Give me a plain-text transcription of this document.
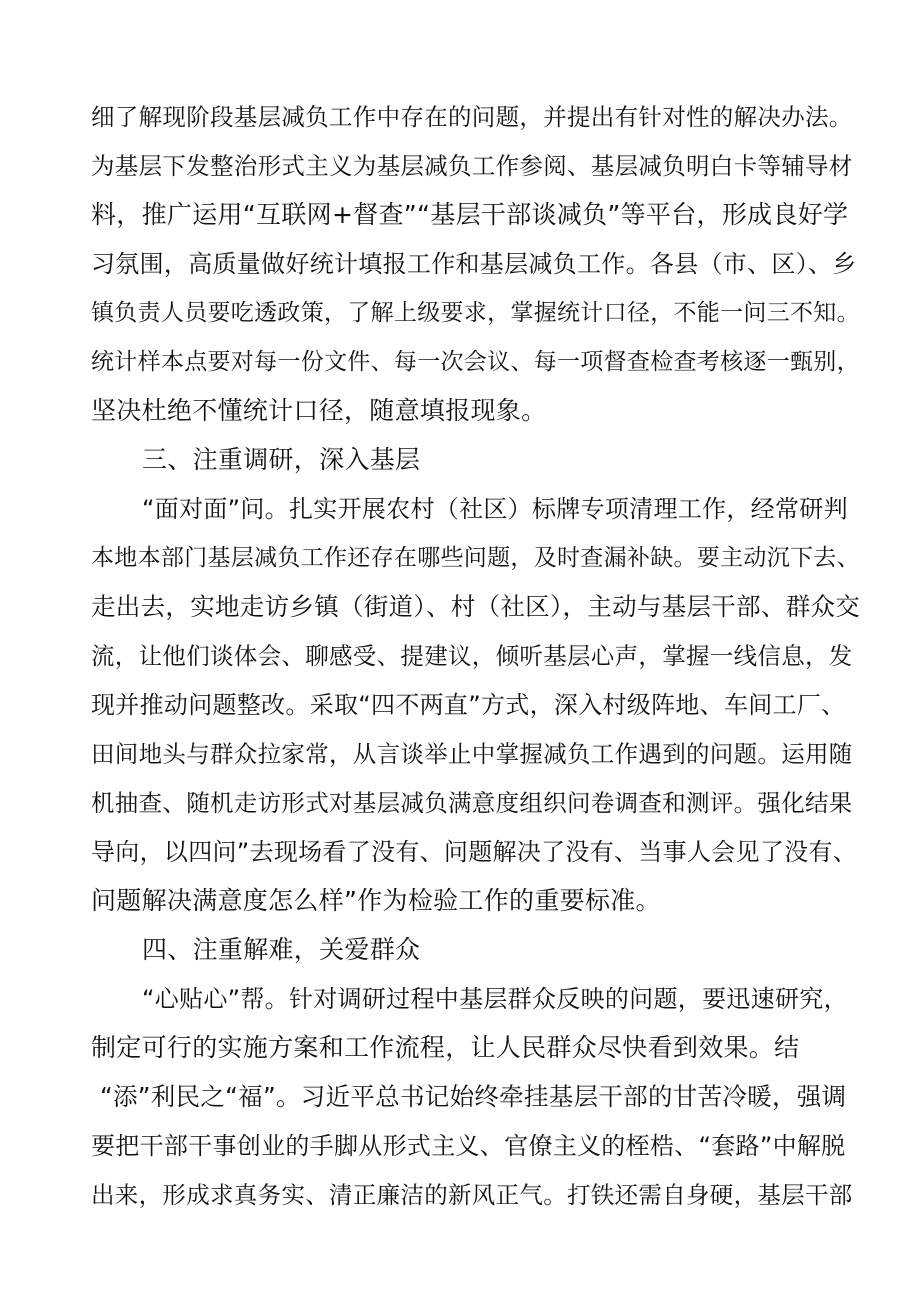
细了解现阶段基层减负工作中存在的问题，并提出有针对性的解决办法。
为基层下发整治形式主义为基层减负工作参阅、基层减负明白卡等辅导材
料，推广运用“互联网+督查”“基层干部谈减负”等平台，形成良好学
习氛围，高质量做好统计填报工作和基层减负工作。各县（市、区）、乡
镇负责人员要吃透政策，了解上级要求，掌握统计口径，不能一问三不知。
统计样本点要对每一份文件、每一次会议、每一项督查检查考核逐一甄别，
坚决杜绝不懂统计口径，随意填报现象。
三、注重调研，深入基层
“面对面”问。扎实开展农村（社区）标牌专项清理工作，经常研判
本地本部门基层减负工作还存在哪些问题，及时查漏补缺。要主动沉下去、
走出去，实地走访乡镇（街道）、村（社区），主动与基层干部、群众交
流，让他们谈体会、聊感受、提建议，倾听基层心声，掌握一线信息，发
现并推动问题整改。采取“四不两直”方式，深入村级阵地、车间工厂、
田间地头与群众拉家常，从言谈举止中掌握减负工作遇到的问题。运用随
机抽查、随机走访形式对基层减负满意度组织问卷调查和测评。强化结果
导向，以四问”去现场看了没有、问题解决了没有、当事人会见了没有、
问题解决满意度怎么样”作为检验工作的重要标准。
四、注重解难，关爱群众
“心贴心”帮。针对调研过程中基层群众反映的问题，要迅速研究，
制定可行的实施方案和工作流程，让人民群众尽快看到效果。结
“添”利民之“福”。习近平总书记始终牵挂基层干部的甘苦冷暖，强调
要把干部干事创业的手脚从形式主义、官僚主义的桎梏、“套路”中解脱
出来，形成求真务实、清正廉洁的新风正气。打铁还需自身硬，基层干部
